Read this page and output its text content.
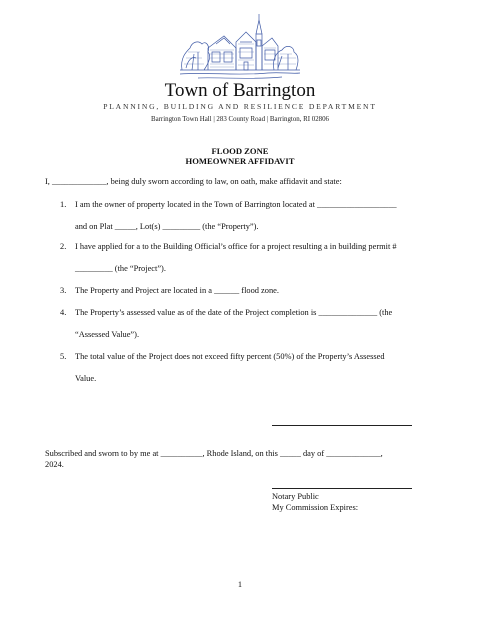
Town of Barrington
PLANNING, BUILDING AND RESILIENCE DEPARTMENT
Barrington Town Hall | 283 County Road | Barrington, RI 02806
FLOOD ZONE
HOMEOWNER AFFIDAVIT
I, _____________, being duly sworn according to law, on oath, make affidavit and state:
1. I am the owner of property located in the Town of Barrington located at ___________________
and on Plat _____, Lot(s) _________ (the “Property”).
2. I have applied for a to the Building Official’s office for a project resulting a in building permit #
_________ (the “Project”).
3. The Property and Project are located in a ______ flood zone.
4. The Property’s assessed value as of the date of the Project completion is ______________ (the
“Assessed Value”).
5. The total value of the Project does not exceed fifty percent (50%) of the Property’s Assessed
Value.
Subscribed and sworn to by me at __________, Rhode Island, on this _____ day of _____________,
2024.
Notary Public
My Commission Expires:
1
